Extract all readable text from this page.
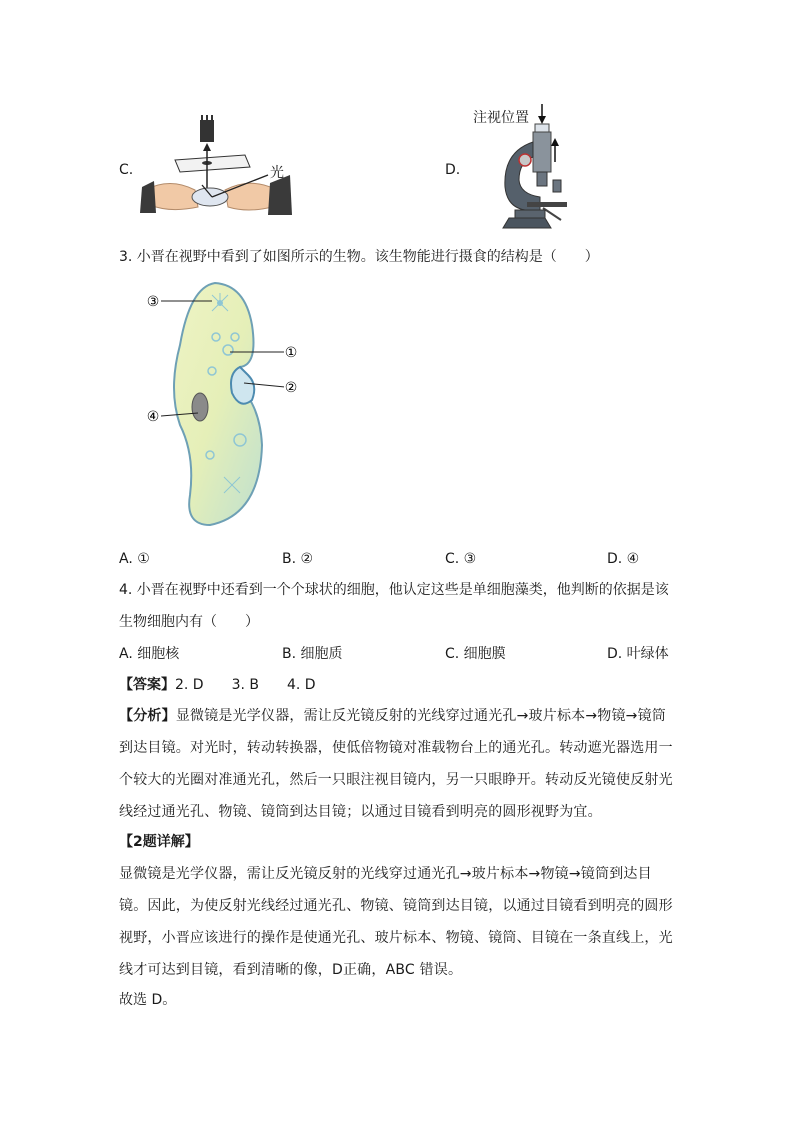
C.	光	D.
注视位置
3. 小晋在视野中看到了如图所示的生物。该生物能进行摄食的结构是（　　）
③
①
②
④
A. ①	B. ②	C. ③	D. ④
4. 小晋在视野中还看到一个个球状的细胞，他认定这些是单细胞藻类，他判断的依据是该
生物细胞内有（　　）
A. 细胞核	B. 细胞质	C. 细胞膜	D. 叶绿体
【答案】2. D　　3. B　　4. D
【分析】显微镜是光学仪器，需让反光镜反射的光线穿过通光孔→玻片标本→物镜→镜筒到达目镜。对光时，转动转换器，使低倍物镜对准载物台上的通光孔。转动遮光器选用一个较大的光圈对准通光孔，然后一只眼注视目镜内，另一只眼睁开。转动反光镜使反射光线经过通光孔、物镜、镜筒到达目镜；以通过目镜看到明亮的圆形视野为宜。
【2题详解】
显微镜是光学仪器，需让反光镜反射的光线穿过通光孔→玻片标本→物镜→镜筒到达目镜。因此，为使反射光线经过通光孔、物镜、镜筒到达目镜，以通过目镜看到明亮的圆形视野，小晋应该进行的操作是使通光孔、玻片标本、物镜、镜筒、目镜在一条直线上，光线才可达到目镜，看到清晰的像，D正确，ABC 错误。
故选 D。
